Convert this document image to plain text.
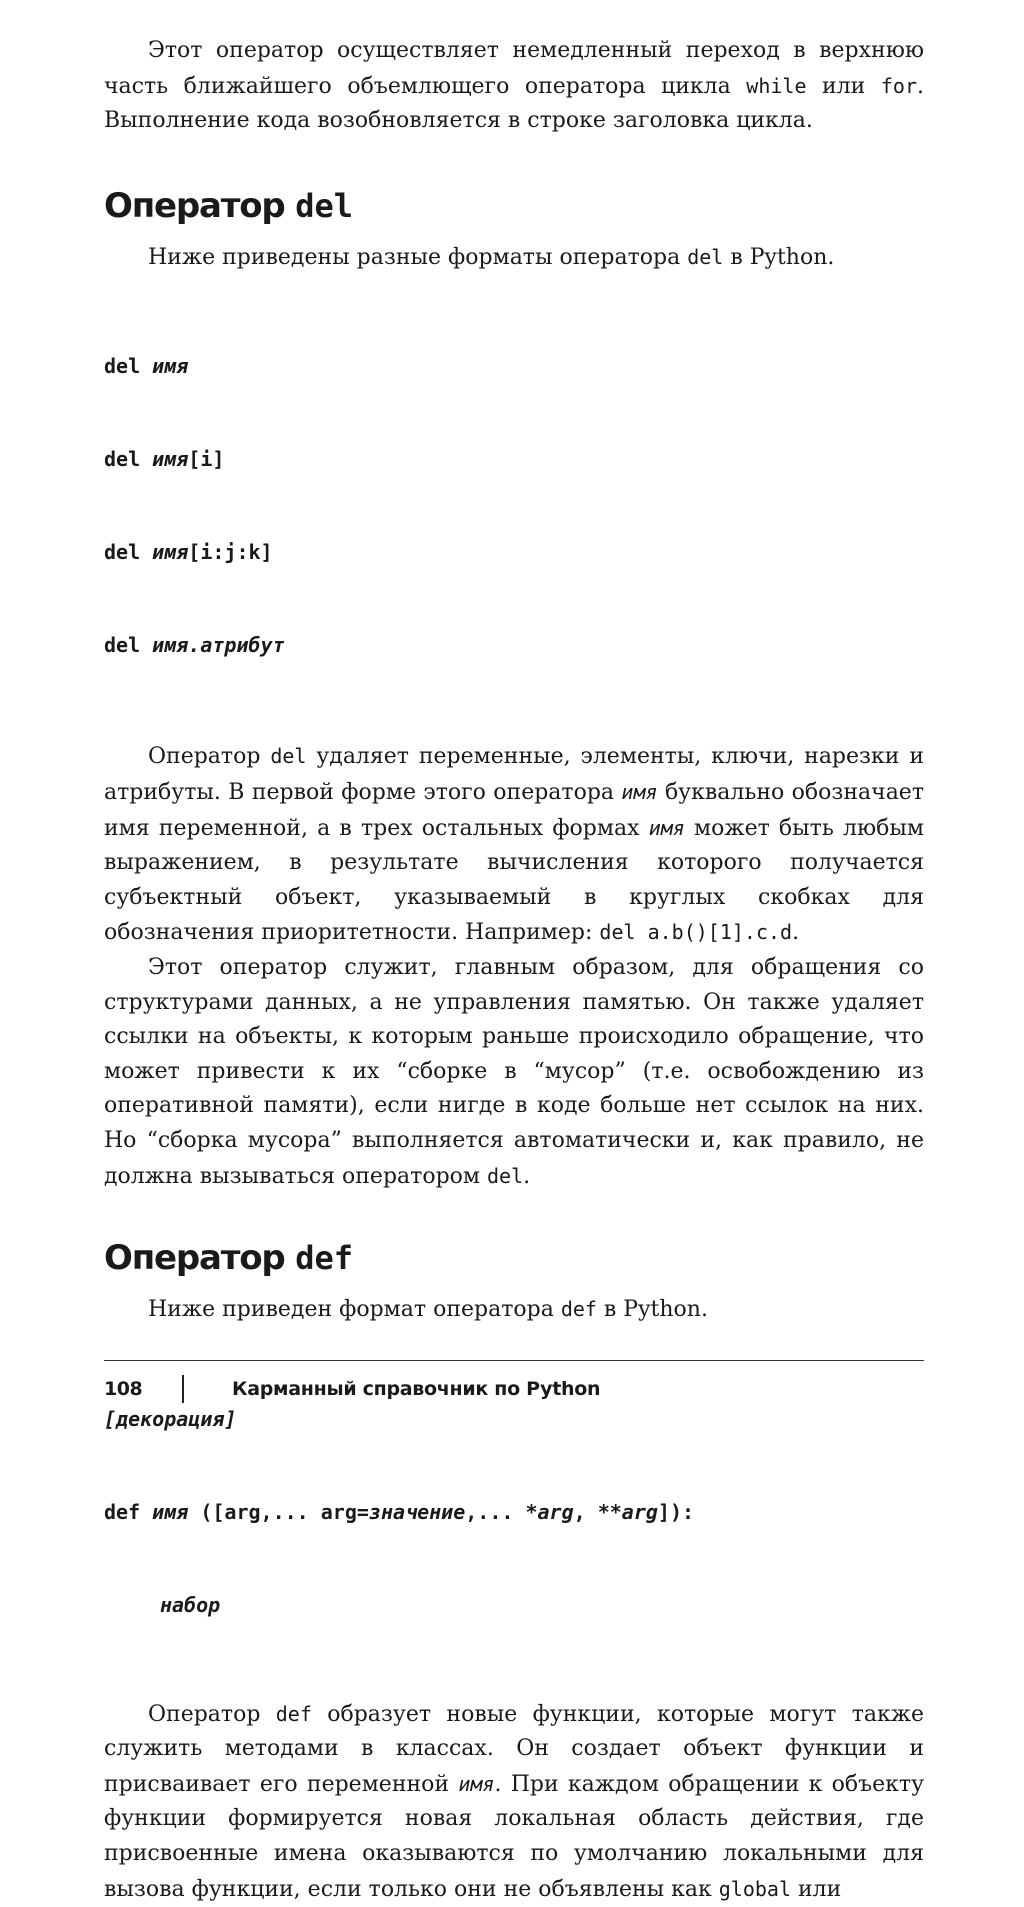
Этот оператор осуществляет немедленный переход в верхнюю часть ближайшего объемлющего оператора цикла while или for. Выполнение кода возобновляется в строке заголовка цикла.

Оператор del

Ниже приведены разные форматы оператора del в Python.

del имя

del имя[i]

del имя[i:j:k]

del имя.атрибут

Оператор del удаляет переменные, элементы, ключи, нарезки и атрибуты. В первой форме этого оператора имя буквально обозначает имя переменной, а в трех остальных формах имя может быть любым выражением, в результате вычисления которого получается субъектный объект, указываемый в круглых скобках для обозначения приоритетности. Например: del a.b()[1].c.d.

Этот оператор служит, главным образом, для обращения со структурами данных, а не управления памятью. Он также удаляет ссылки на объекты, к которым раньше происходило обращение, что может привести к их “сборке в “мусор” (т.е. освобождению из оперативной памяти), если нигде в коде больше нет ссылок на них. Но “сборка мусора” выполняется автоматически и, как правило, не должна вызываться оператором del.

Оператор def

Ниже приведен формат оператора def в Python.

[декорация]

def имя ([arg,... arg=значение,... *arg, **arg]):

набор

Оператор def образует новые функции, которые могут также служить методами в классах. Он создает объект функции и присваивает его переменной имя. При каждом обращении к объекту функции формируется новая локальная область действия, где присвоенные имена оказываются по умолчанию локальными для вызова функции, если только они не объявлены как global или

108	Карманный справочник по Python
